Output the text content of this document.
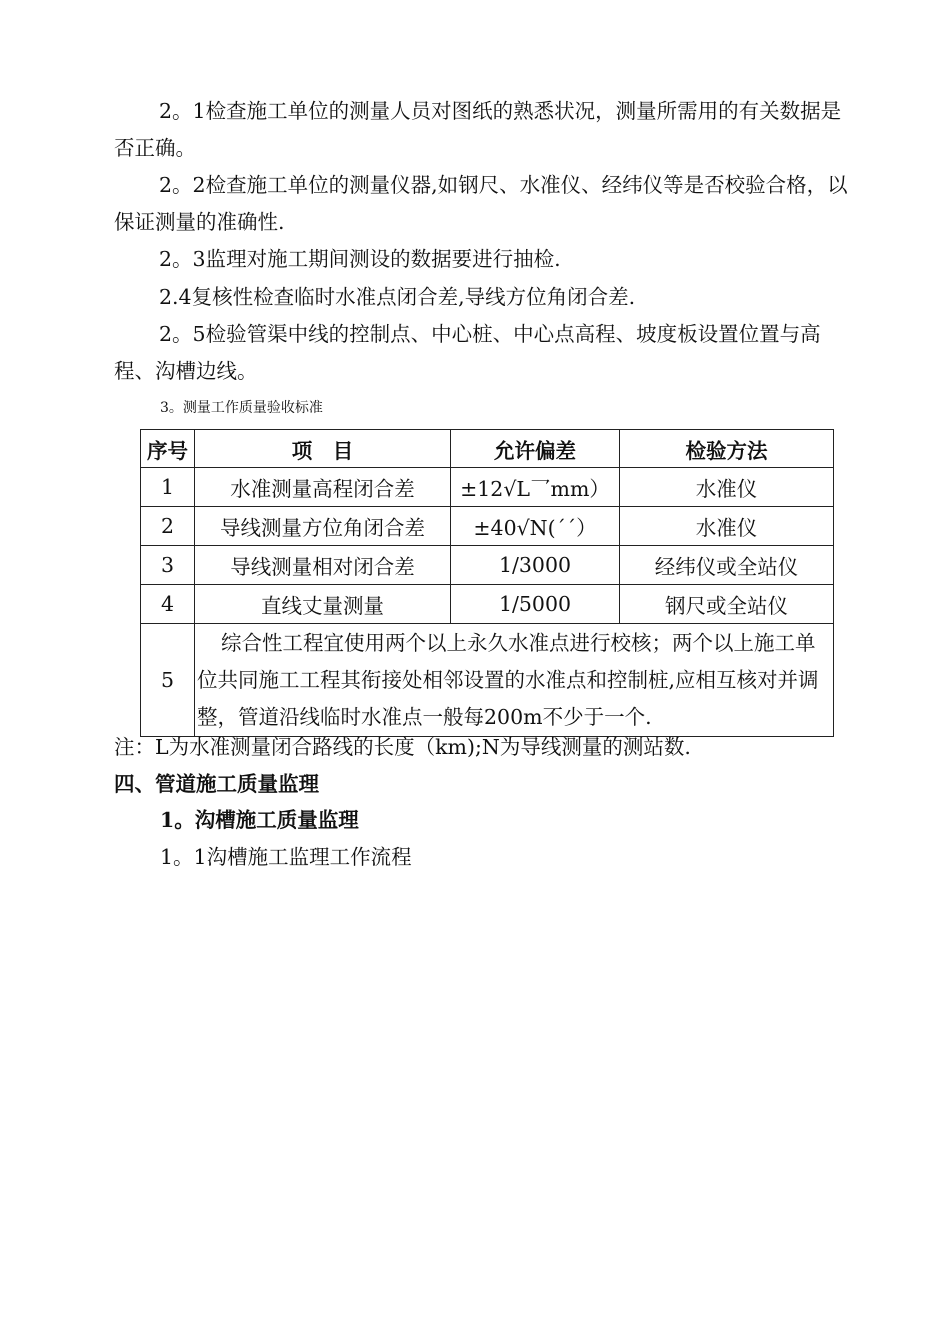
2。1检查施工单位的测量人员对图纸的熟悉状况，测量所需用的有关数据是否正确。

2。2检查施工单位的测量仪器,如钢尺、水准仪、经纬仪等是否校验合格，以保证测量的准确性.

2。3监理对施工期间测设的数据要进行抽检.

2.4复核性检查临时水准点闭合差,导线方位角闭合差.

2。5检验管渠中线的控制点、中心桩、中心点高程、坡度板设置位置与高程、沟槽边线。

3。测量工作质量验收标准

序号	项　目	允许偏差	检验方法
1	水准测量高程闭合差	±12√L乛mm）	水准仪
2	导线测量方位角闭合差	±40√N(´´）	水准仪
3	导线测量相对闭合差	1/3000	经纬仪或全站仪
4	直线丈量测量	1/5000	钢尺或全站仪
5	综合性工程宜使用两个以上永久水准点进行校核；两个以上施工单位共同施工工程其衔接处相邻设置的水准点和控制桩,应相互核对并调整，管道沿线临时水准点一般每200m不少于一个.		

注：L为水准测量闭合路线的长度（km);N为导线测量的测站数.

四、管道施工质量监理

1。沟槽施工质量监理

1。1沟槽施工监理工作流程
